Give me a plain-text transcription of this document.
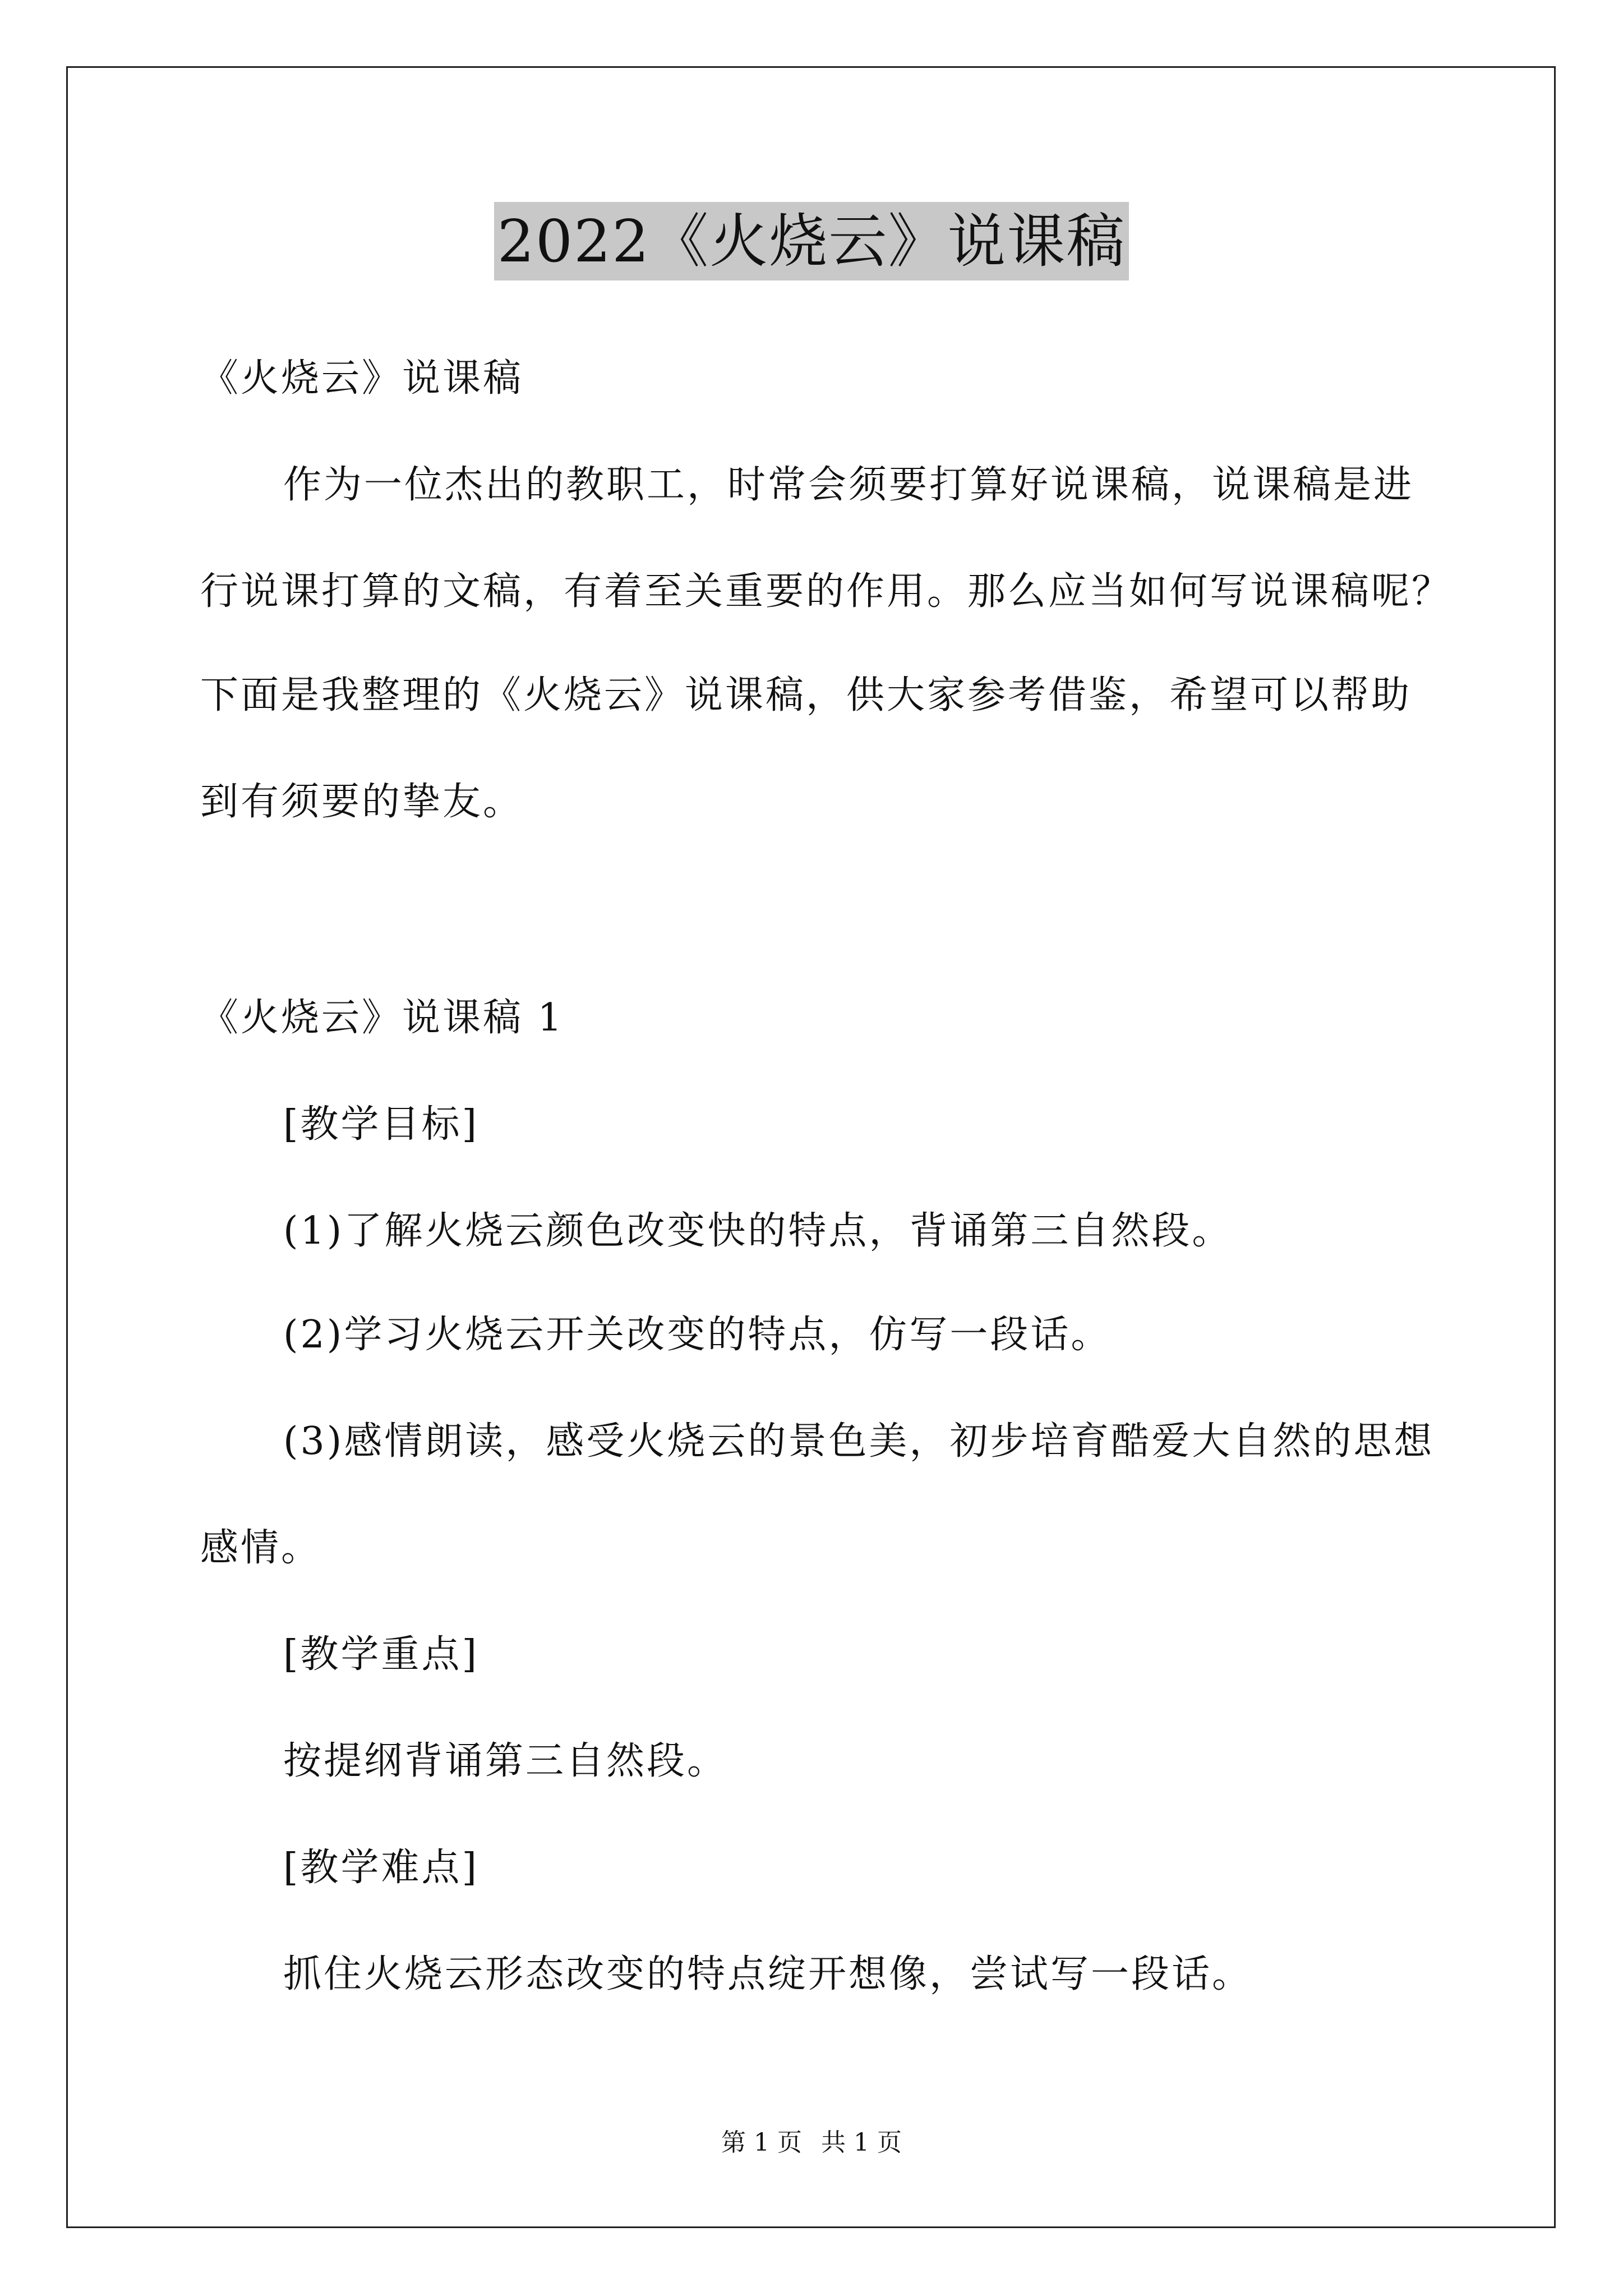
2022《火烧云》说课稿
《火烧云》说课稿
作为一位杰出的教职工，时常会须要打算好说课稿，说课稿是进
行说课打算的文稿，有着至关重要的作用。那么应当如何写说课稿呢？
下面是我整理的《火烧云》说课稿，供大家参考借鉴，希望可以帮助
到有须要的挚友。
《火烧云》说课稿 1
[教学目标]
(1)了解火烧云颜色改变快的特点，背诵第三自然段。
(2)学习火烧云开关改变的特点，仿写一段话。
(3)感情朗读，感受火烧云的景色美，初步培育酷爱大自然的思想
感情。
[教学重点]
按提纲背诵第三自然段。
[教学难点]
抓住火烧云形态改变的特点绽开想像，尝试写一段话。
第 1 页 共 1 页
